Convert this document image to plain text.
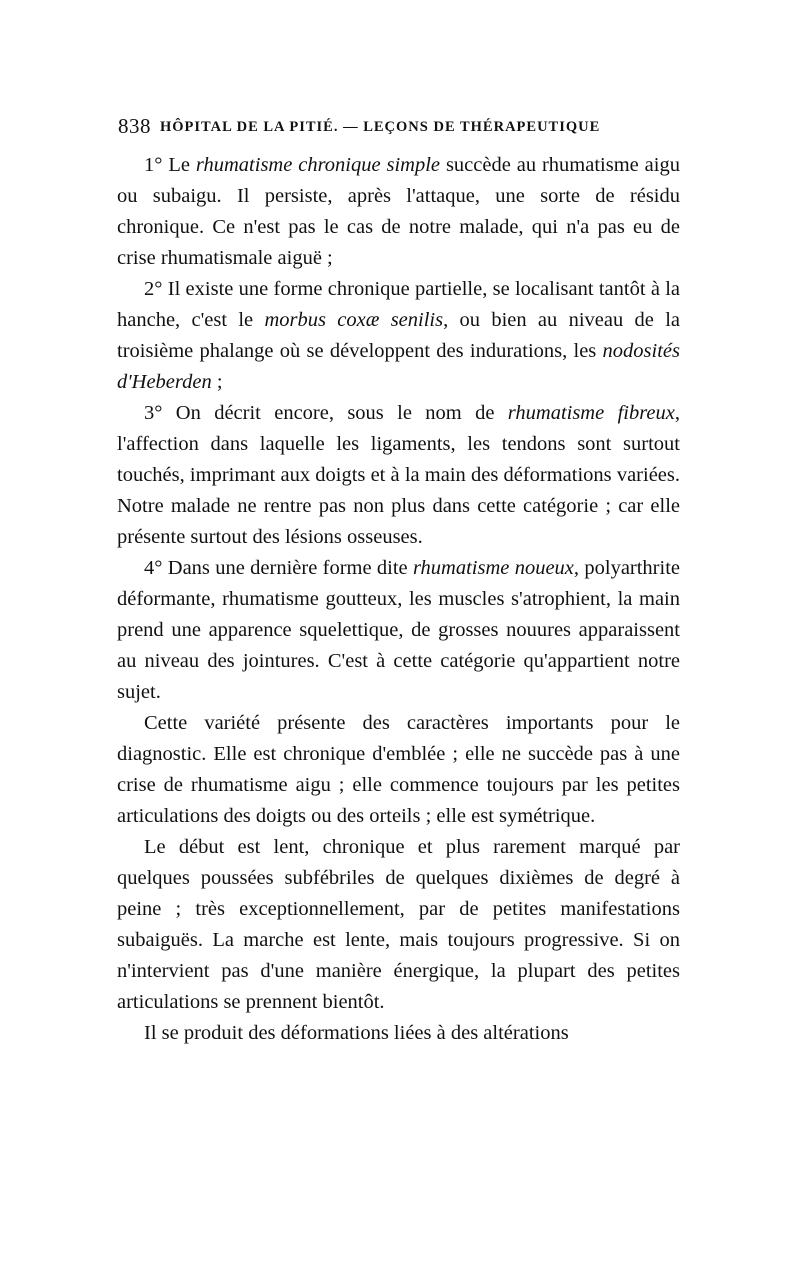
838 HÔPITAL DE LA PITIÉ. — LEÇONS DE THÉRAPEUTIQUE

1° Le rhumatisme chronique simple succède au rhumatisme aigu ou subaigu. Il persiste, après l'attaque, une sorte de résidu chronique. Ce n'est pas le cas de notre malade, qui n'a pas eu de crise rhumatismale aiguë ;

2° Il existe une forme chronique partielle, se localisant tantôt à la hanche, c'est le morbus coxæ senilis, ou bien au niveau de la troisième phalange où se développent des indurations, les nodosités d'Heberden ;

3° On décrit encore, sous le nom de rhumatisme fibreux, l'affection dans laquelle les ligaments, les tendons sont surtout touchés, imprimant aux doigts et à la main des déformations variées. Notre malade ne rentre pas non plus dans cette catégorie ; car elle présente surtout des lésions osseuses.

4° Dans une dernière forme dite rhumatisme noueux, polyarthrite déformante, rhumatisme goutteux, les muscles s'atrophient, la main prend une apparence squelettique, de grosses nouures apparaissent au niveau des jointures. C'est à cette catégorie qu'appartient notre sujet.

Cette variété présente des caractères importants pour le diagnostic. Elle est chronique d'emblée ; elle ne succède pas à une crise de rhumatisme aigu ; elle commence toujours par les petites articulations des doigts ou des orteils ; elle est symétrique.

Le début est lent, chronique et plus rarement marqué par quelques poussées subfébriles de quelques dixièmes de degré à peine ; très exceptionnellement, par de petites manifestations subaiguës. La marche est lente, mais toujours progressive. Si on n'intervient pas d'une manière énergique, la plupart des petites articulations se prennent bientôt.

Il se produit des déformations liées à des altérations
